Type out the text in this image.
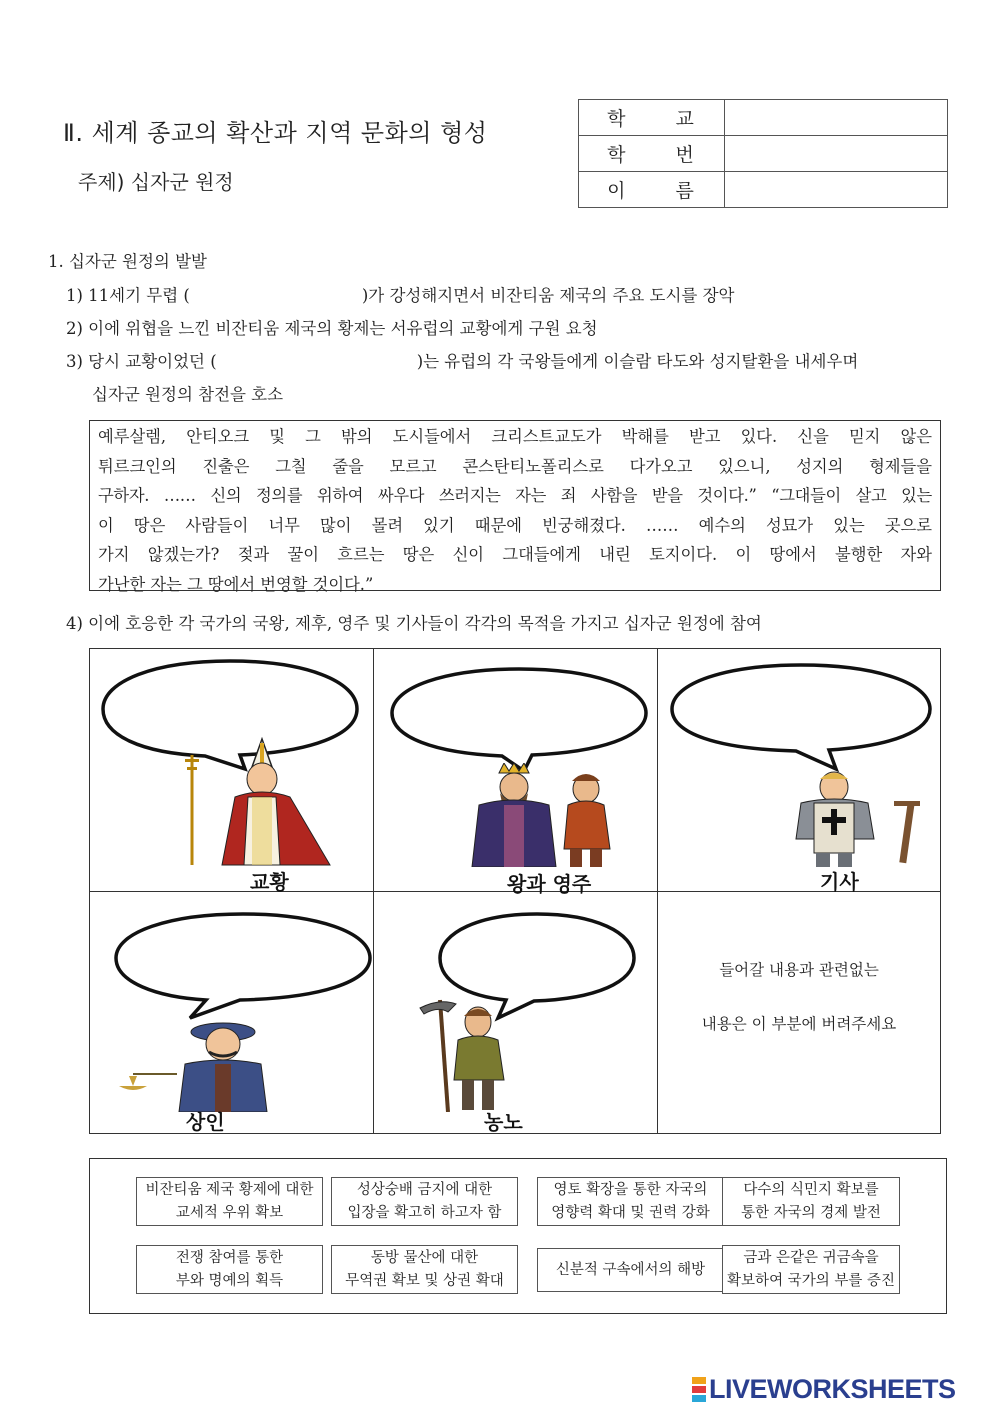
Ⅱ. 세계 종교의 확산과 지역 문화의 형성
주제) 십자군 원정
학 교	
학 번	
이 름	
1. 십자군 원정의 발발
1) 11세기 무렵 (	)가 강성해지면서 비잔티움 제국의 주요 도시를 장악
2) 이에 위협을 느낀 비잔티움 제국의 황제는 서유럽의 교황에게 구원 요청
3) 당시 교황이었던 (	)는 유럽의 각 국왕들에게 이슬람 타도와 성지탈환을 내세우며
십자군 원정의 참전을 호소
예루살렘, 안티오크 및 그 밖의 도시들에서 크리스트교도가 박해를 받고 있다. 신을 믿지 않은
튀르크인의 진출은 그칠 줄을 모르고 콘스탄티노폴리스로 다가오고 있으니, 성지의 형제들을
구하자. …… 신의 정의를 위하여 싸우다 쓰러지는 자는 죄 사함을 받을 것이다.” “그대들이 살고 있는
이 땅은 사람들이 너무 많이 몰려 있기 때문에 빈궁해졌다. …… 예수의 성묘가 있는 곳으로
가지 않겠는가? 젖과 꿀이 흐르는 땅은 신이 그대들에게 내린 토지이다. 이 땅에서 불행한 자와
가난한 자는 그 땅에서 번영할 것이다.”
4) 이에 호응한 각 국가의 국왕, 제후, 영주 및 기사들이 각각의 목적을 가지고 십자군 원정에 참여
교황	왕과 영주	기사
상인	농노
들어갈 내용과 관련없는
내용은 이 부분에 버려주세요
비잔티움 제국 황제에 대한
교세적 우위 확보
성상숭배 금지에 대한
입장을 확고히 하고자 함
영토 확장을 통한 자국의
영향력 확대 및 권력 강화
다수의 식민지 확보를
통한 자국의 경제 발전
전쟁 참여를 통한
부와 명예의 획득
동방 물산에 대한
무역권 확보 및 상권 확대
신분적 구속에서의 해방
금과 은같은 귀금속을
확보하여 국가의 부를 증진
LIVEWORKSHEETS
